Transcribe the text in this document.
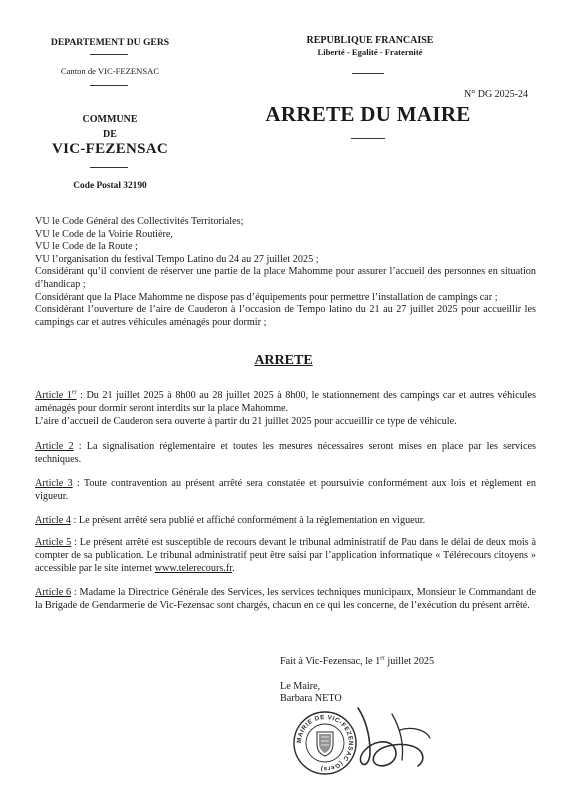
DEPARTEMENT DU GERS
Canton de VIC-FEZENSAC
COMMUNE
DE
VIC-FEZENSAC
Code Postal 32190
REPUBLIQUE FRANCAISE
Liberté - Egalité - Fraternité
N° DG 2025-24
ARRETE DU MAIRE

VU le Code Général des Collectivités Territoriales;

VU le Code de la Voirie Routière,

VU le Code de la Route ;

VU l’organisation du festival Tempo Latino du 24 au 27 juillet 2025 ;

Considérant qu’il convient de réserver une partie de la place Mahomme pour assurer l’accueil des personnes en situation d’handicap ;

Considérant que la Place Mahomme ne dispose pas d’équipements pour permettre l’installation de campings car ;

Considérant l’ouverture de l’aire de Cauderon à l’occasion de Tempo latino du 21 au 27 juillet 2025 pour accueillir les campings car et autres véhicules aménagés pour dormir ;

ARRETE

Article 1er : Du 21 juillet 2025 à 8h00 au 28 juillet 2025 à 8h00, le stationnement des campings car et autres véhicules aménagés pour dormir seront interdits sur la place Mahomme.

L’aire d’accueil de Cauderon sera ouverte à partir du 21 juillet 2025 pour accueillir ce type de véhicule.

Article 2 : La signalisation réglementaire et toutes les mesures nécessaires seront mises en place par les services techniques.

Article 3 : Toute contravention au présent arrêté sera constatée et poursuivie conformément aux lois et règlement en vigueur.

Article 4 : Le présent arrêté sera publié et affiché conformément à la réglementation en vigueur.

Article 5 : Le présent arrêté est susceptible de recours devant le tribunal administratif de Pau dans le délai de deux mois à compter de sa publication. Le tribunal administratif peut être saisi par l’application informatique « Télérecours citoyens » accessible par le site internet www.telerecours.fr.

Article 6 : Madame la Directrice Générale des Services, les services techniques municipaux, Monsieur le Commandant de la Brigade de Gendarmerie de Vic-Fezensac sont chargés, chacun en ce qui les concerne, de l’exécution du présent arrêté.

Fait à Vic-Fezensac, le 1er juillet 2025
Le Maire,
Barbara NETO
MAIRIE DE VIC-FEZENSAC (Gers)
